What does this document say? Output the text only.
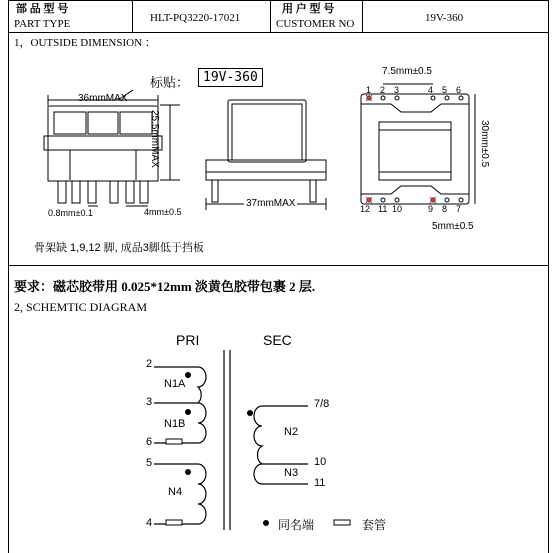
部 品 型 号
PART TYPE	HLT-PQ3220-17021
用 户 型 号
CUSTOMER NO	19V-360
1，OUTSIDE DIMENSION ：
标贴：	19V-360
36mmMAX
25.5mmMAX
0.8mm±0.1	4mm±0.5
37mmMAX
7.5mm±0.5
30mm±0.5
5mm±0.5
1 2 3	4 5 6
12 11 10	9 8 7
骨架缺 1,9,12 脚, 成品3脚低于挡板
要求：磁芯胶带用 0.025*12mm 淡黄色胶带包裹 2 层.
2, SCHEMTIC DIAGRAM
PRI	SEC
2
3
6
5
4
7/8
10
11
N1A
N1B
N4
N2
N3
同名端	套管
